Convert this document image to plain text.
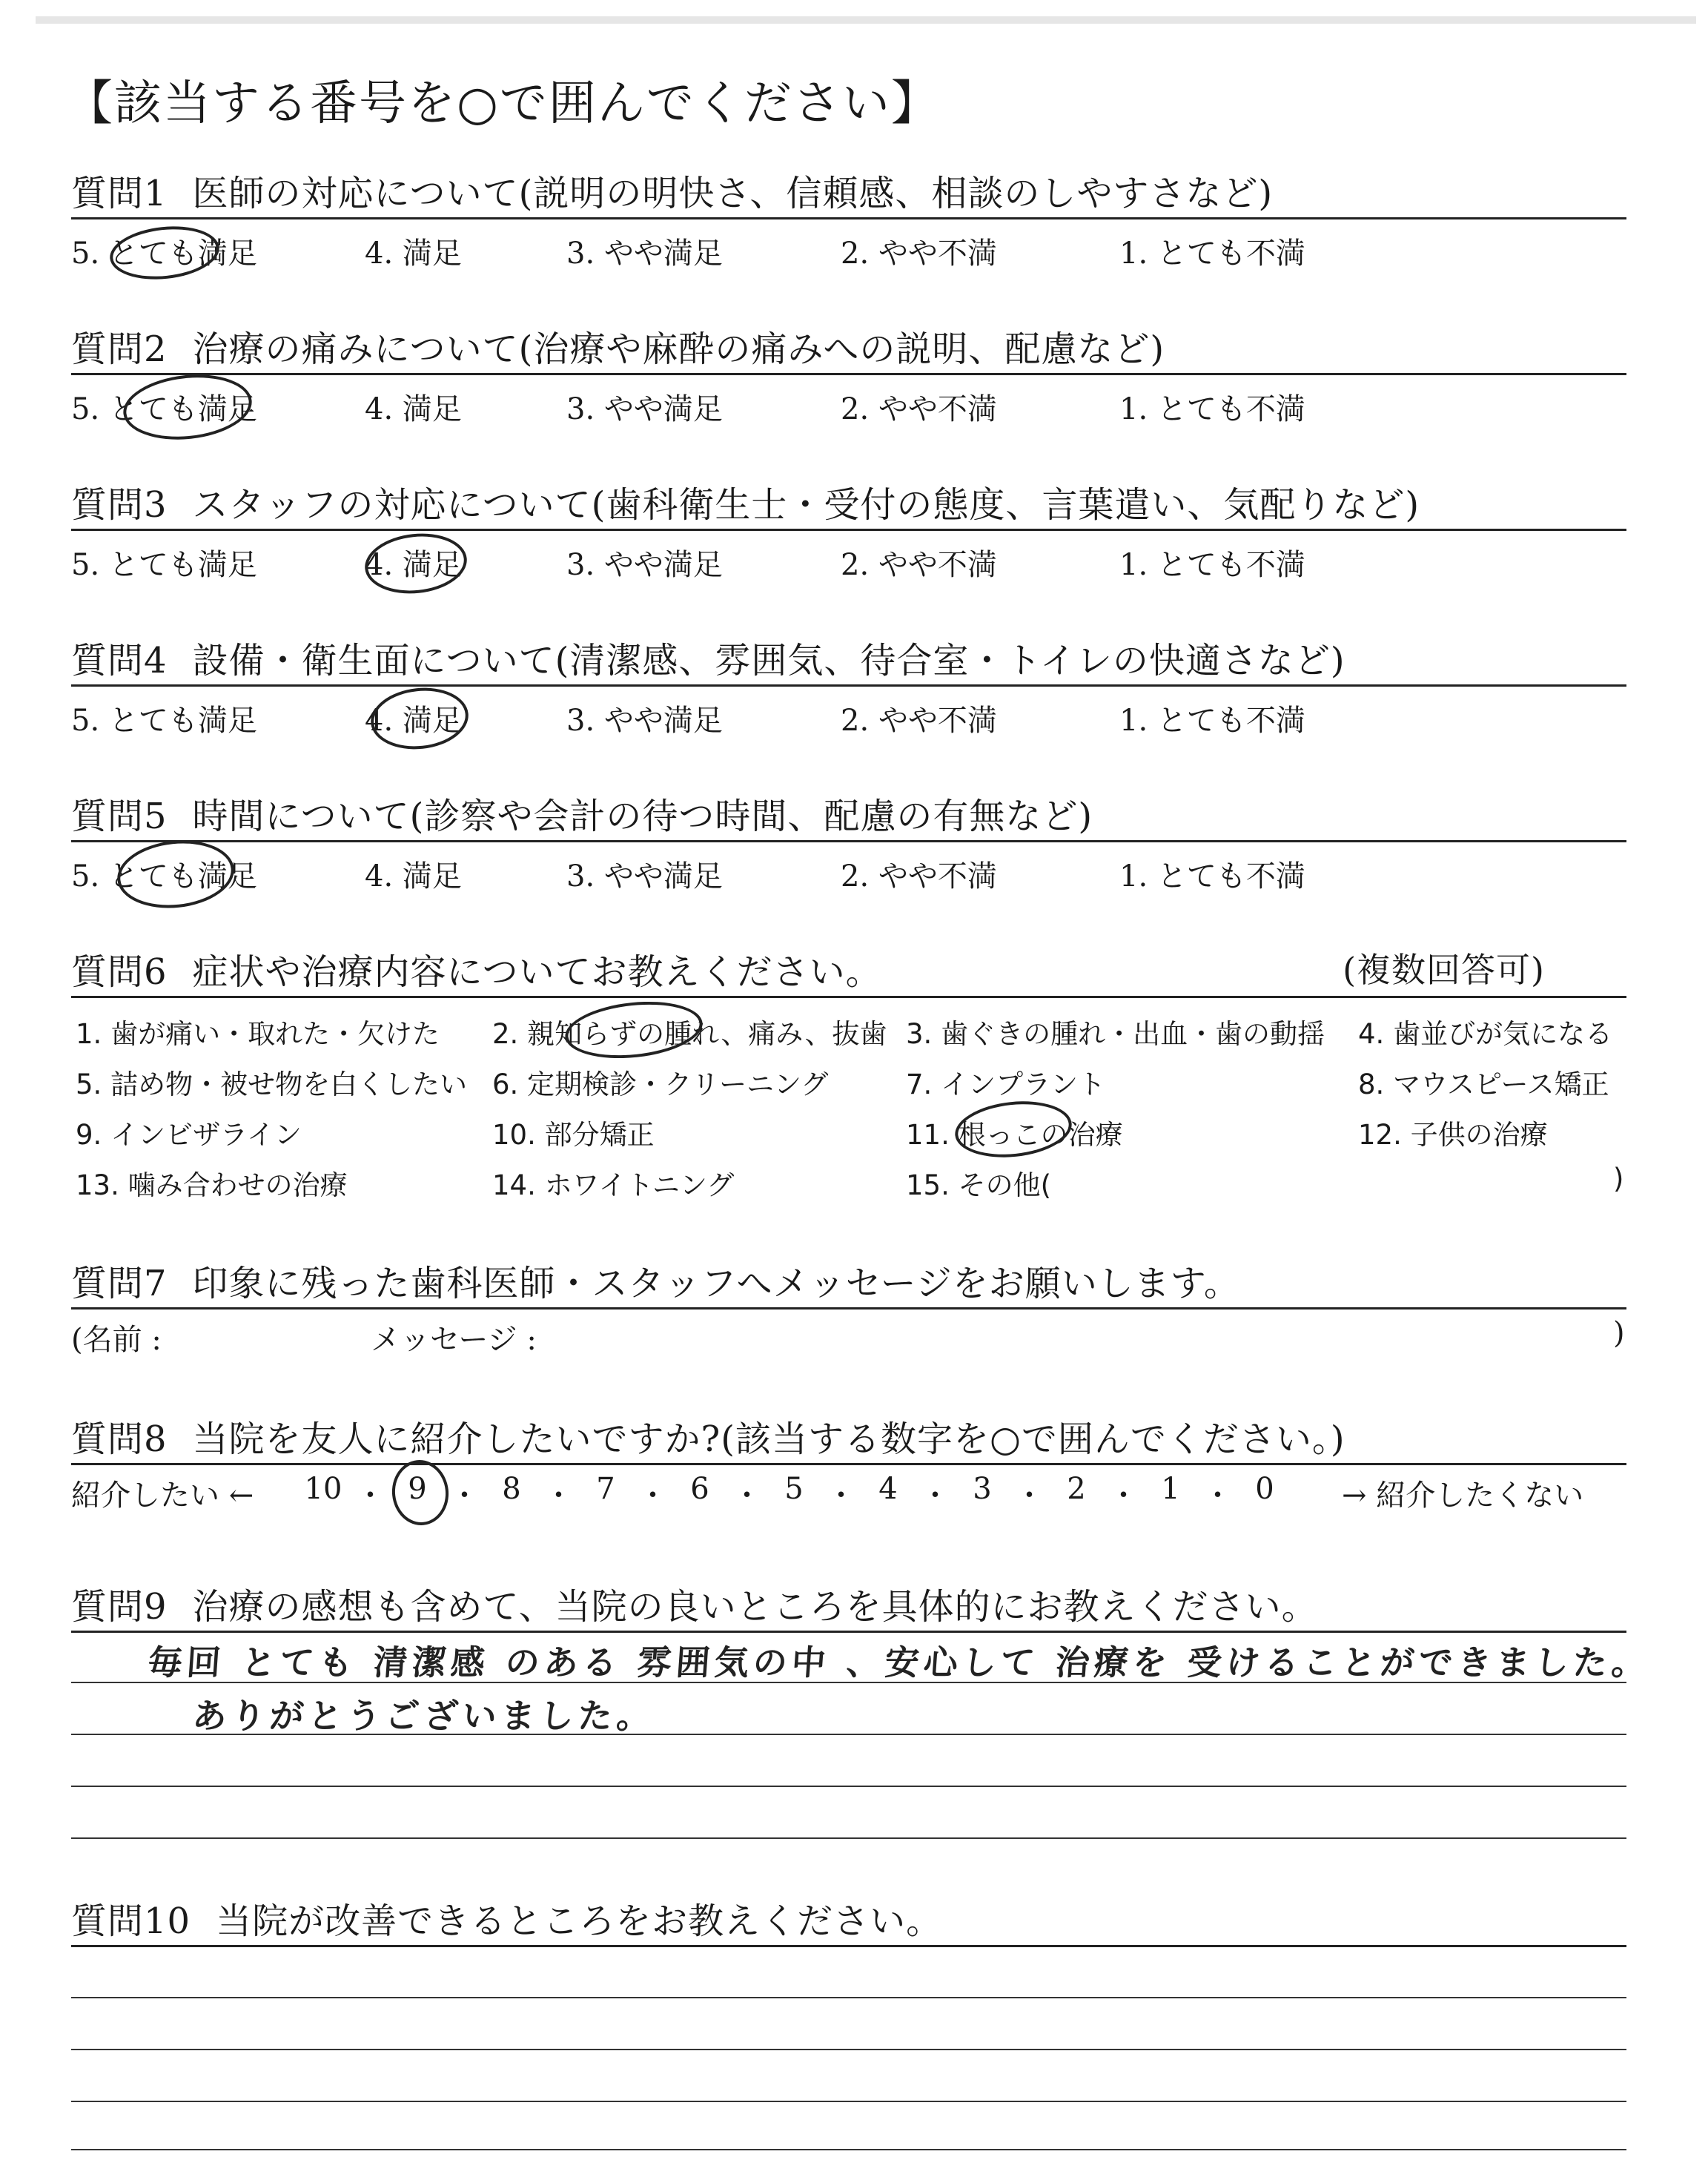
【該当する番号を○で囲んでください】
質問1 医師の対応について(説明の明快さ、信頼感、相談のしやすさなど)
5. とても満足	4. 満足	3. やや満足	2. やや不満	1. とても不満
質問2 治療の痛みについて(治療や麻酔の痛みへの説明、配慮など)
5. とても満足	4. 満足	3. やや満足	2. やや不満	1. とても不満
質問3 スタッフの対応について(歯科衛生士・受付の態度、言葉遣い、気配りなど)
5. とても満足	4. 満足	3. やや満足	2. やや不満	1. とても不満
質問4 設備・衛生面について(清潔感、雰囲気、待合室・トイレの快適さなど)
5. とても満足	4. 満足	3. やや満足	2. やや不満	1. とても不満
質問5 時間について(診察や会計の待つ時間、配慮の有無など)
5. とても満足	4. 満足	3. やや満足	2. やや不満	1. とても不満
質問6 症状や治療内容についてお教えください。	(複数回答可)
1. 歯が痛い・取れた・欠けた 2. 親知らずの腫れ、痛み、抜歯 3. 歯ぐきの腫れ・出血・歯の動揺 4. 歯並びが気になる
5. 詰め物・被せ物を白くしたい 6. 定期検診・クリーニング	7. インプラント	8. マウスピース矯正
9. インビザライン	10. 部分矯正	11. 根っこの治療	12. 子供の治療
13. 噛み合わせの治療	14. ホワイトニング	15. その他(	)
質問7 印象に残った歯科医師・スタッフへメッセージをお願いします。
(名前 :	メッセージ :	)
質問8 当院を友人に紹介したいですか?(該当する数字を○で囲んでください。)
紹介したい ← 10 ・ 9 ・ 8 ・ 7 ・ 6 ・ 5 ・ 4 ・ 3 ・ 2 ・ 1 ・ 0	→ 紹介したくない
質問9 治療の感想も含めて、当院の良いところを具体的にお教えください。
毎回 とても 清潔感 のある 雰囲気の中 、安心して 治療を 受けることができました。
ありがとうございました。
質問10 当院が改善できるところをお教えください。
